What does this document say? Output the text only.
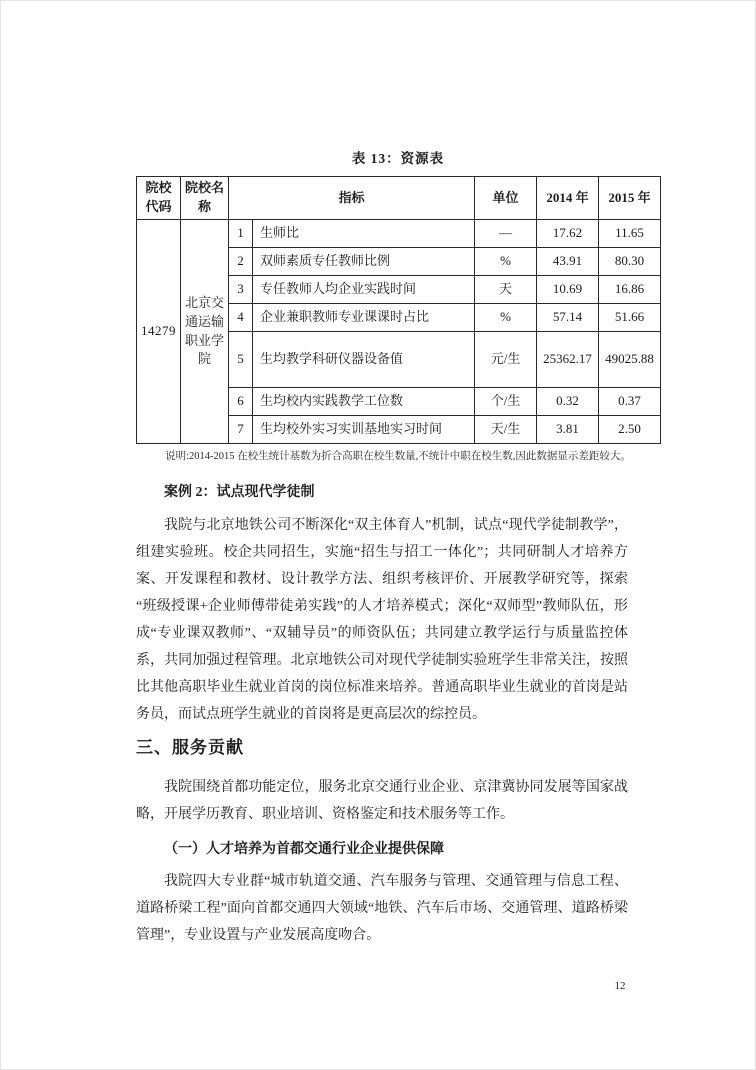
表 13：资源表
院校代码	院校名称	指标		单位	2014 年	2015 年
14279	北京交通运输职业学院	1	生师比	—	17.62	11.65
		2	双师素质专任教师比例	%	43.91	80.30
		3	专任教师人均企业实践时间	天	10.69	16.86
		4	企业兼职教师专业课课时占比	%	57.14	51.66
		5	生均教学科研仪器设备值	元/生	25362.17	49025.88
		6	生均校内实践教学工位数	个/生	0.32	0.37
		7	生均校外实习实训基地实习时间	天/生	3.81	2.50
说明:2014-2015 在校生统计基数为折合高职在校生数量,不统计中职在校生数,因此数据显示差距较大。

案例 2：试点现代学徒制

我院与北京地铁公司不断深化“双主体育人”机制，试点“现代学徒制教学”，组建实验班。校企共同招生，实施“招生与招工一体化”；共同研制人才培养方案、开发课程和教材、设计教学方法、组织考核评价、开展教学研究等，探索“班级授课+企业师傅带徒弟实践”的人才培养模式；深化“双师型”教师队伍，形成“专业课双教师”、“双辅导员”的师资队伍；共同建立教学运行与质量监控体系，共同加强过程管理。北京地铁公司对现代学徒制实验班学生非常关注，按照比其他高职毕业生就业首岗的岗位标准来培养。普通高职毕业生就业的首岗是站务员，而试点班学生就业的首岗将是更高层次的综控员。

三、服务贡献

我院围绕首都功能定位，服务北京交通行业企业、京津冀协同发展等国家战略，开展学历教育、职业培训、资格鉴定和技术服务等工作。

（一）人才培养为首都交通行业企业提供保障

我院四大专业群“城市轨道交通、汽车服务与管理、交通管理与信息工程、道路桥梁工程”面向首都交通四大领域“地铁、汽车后市场、交通管理、道路桥梁管理”，专业设置与产业发展高度吻合。

12
